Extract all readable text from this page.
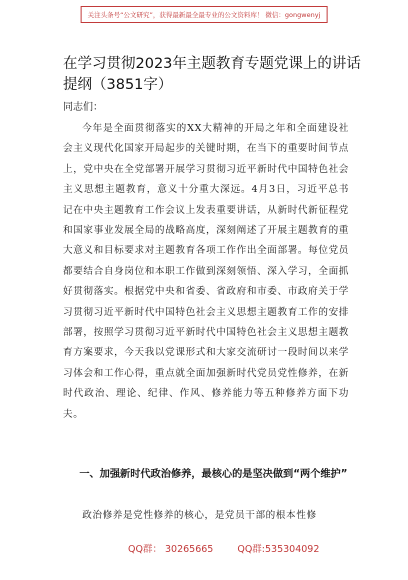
关注头条号“公文研究”，获得最新最全最专业的公文资料库！ 微信：gongwenyj
在学习贯彻2023年主题教育专题党课上的讲话提纲（3851字）
同志们：

今年是全面贯彻落实的XX大精神的开局之年和全面建设社会主义现代化国家开局起步的关键时期，在当下的重要时间节点上，党中央在全党部署开展学习贯彻习近平新时代中国特色社会主义思想主题教育，意义十分重大深远。4月3日，习近平总书记在中央主题教育工作会议上发表重要讲话，从新时代新征程党和国家事业发展全局的战略高度，深刻阐述了开展主题教育的重大意义和目标要求对主题教育各项工作作出全面部署。每位党员都要结合自身岗位和本职工作做到深刻领悟、深入学习，全面抓好贯彻落实。根据党中央和省委、省政府和市委、市政府关于学习贯彻习近平新时代中国特色社会主义思想主题教育工作的安排部署，按照学习贯彻习近平新时代中国特色社会主义思想主题教育方案要求，今天我以党课形式和大家交流研讨一段时间以来学习体会和工作心得，重点就全面加强新时代党员党性修养，在新时代政治、理论、纪律、作风、修养能力等五种修养方面下功夫。

一、加强新时代政治修养，最核心的是坚决做到“两个维护”
政治修养是党性修养的核心，是党员干部的根本性修
QQ群： 30265665	QQ群:535304092
